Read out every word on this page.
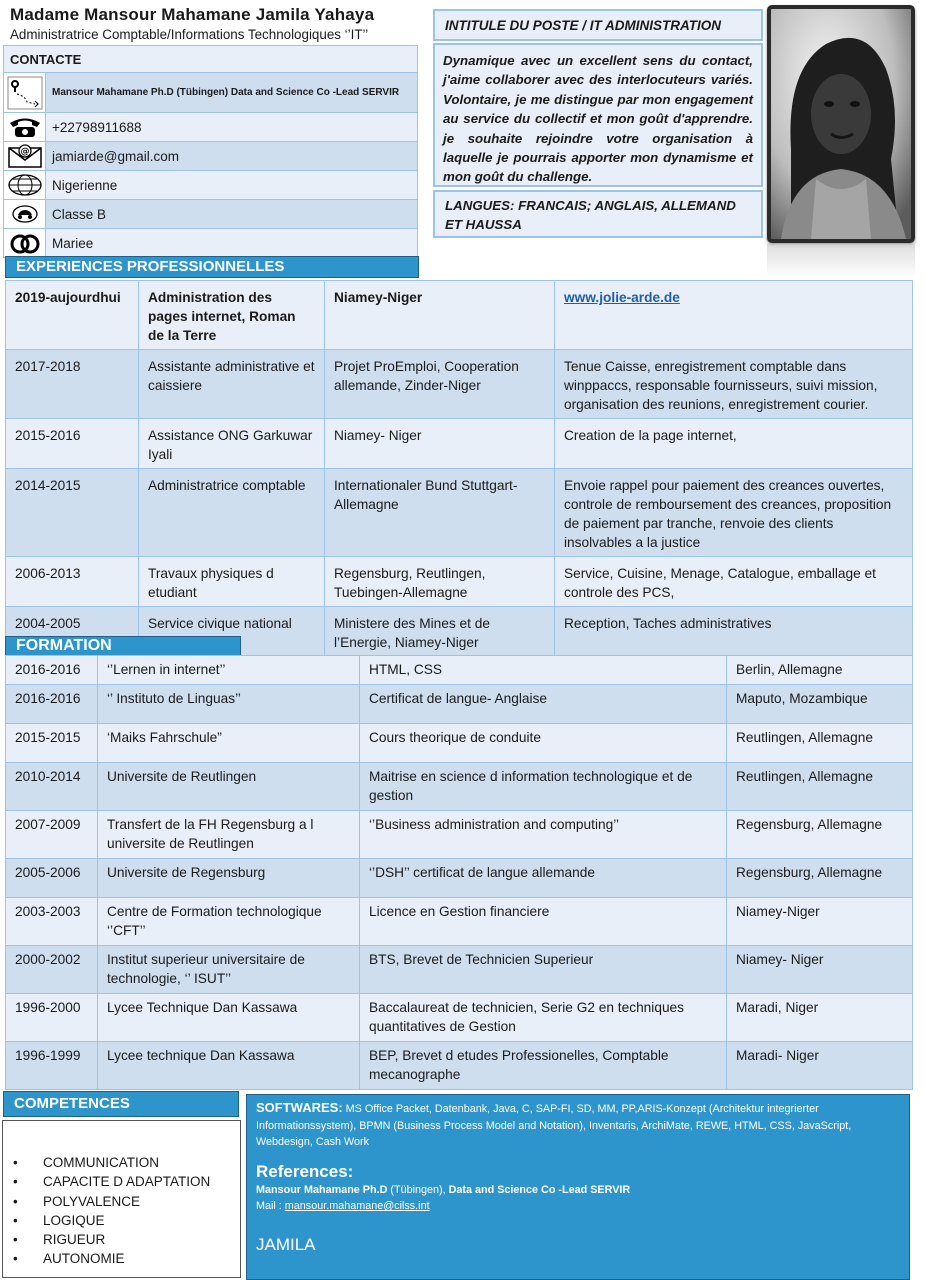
Madame Mansour Mahamane Jamila Yahaya
Administratrice Comptable/Informations Technologiques ‘’IT’’
CONTACTE	

	Mansour Mahamane Ph.D (Tübingen) Data and Science Co -Lead SERVIR

	+22798911688

@	jamiarde@gmail.com

	Nigerienne

	Classe B

	Mariee
INTITULE DU POSTE / IT ADMINISTRATION
Dynamique avec un excellent sens du contact, j'aime collaborer avec des interlocuteurs variés. Volontaire, je me distingue par mon engagement au service du collectif et mon goût d'apprendre. je souhaite rejoindre votre organisation à laquelle je pourrais apporter mon dynamisme et mon goût du challenge.
LANGUES: FRANCAIS; ANGLAIS, ALLEMAND ET HAUSSA
EXPERIENCES PROFESSIONNELLES
2019-aujourdhui	Administration des pages internet, Roman de la Terre	Niamey-Niger	www.jolie-arde.de
2017-2018	Assistante administrative et caissiere	Projet ProEmploi, Cooperation allemande, Zinder-Niger	Tenue Caisse, enregistrement comptable dans winppaccs, responsable fournisseurs, suivi mission, organisation des reunions, enregistrement courier.
2015-2016	Assistance ONG Garkuwar Iyali	Niamey- Niger	Creation de la page internet,
2014-2015	Administratrice comptable	Internationaler Bund Stuttgart- Allemagne	Envoie rappel pour paiement des creances ouvertes, controle de remboursement des creances, proposition de paiement par tranche, renvoie des clients insolvables a la justice
2006-2013	Travaux physiques d etudiant	Regensburg, Reutlingen, Tuebingen-Allemagne	Service, Cuisine, Menage, Catalogue, emballage et controle des PCS,
2004-2005	Service civique national	Ministere des Mines et de l’Energie, Niamey-Niger	Reception, Taches administratives
FORMATION
2016-2016	‘’Lernen in internet’’	HTML, CSS	Berlin, Allemagne
2016-2016	‘’ Instituto de Linguas’’	Certificat de langue- Anglaise	Maputo, Mozambique
2015-2015	‘Maiks Fahrschule”	Cours theorique de conduite	Reutlingen, Allemagne
2010-2014	Universite de Reutlingen	Maitrise en science d information technologique et de gestion	Reutlingen, Allemagne
2007-2009	Transfert de la FH Regensburg a l universite de Reutlingen	‘’Business administration and computing’’	Regensburg, Allemagne
2005-2006	Universite de Regensburg	‘’DSH’’ certificat de langue allemande	Regensburg, Allemagne
2003-2003	Centre de Formation technologique ‘’CFT’’	Licence en Gestion financiere	Niamey-Niger
2000-2002	Institut superieur universitaire de technologie, ‘’ ISUT’’	BTS, Brevet de Technicien Superieur	Niamey- Niger
1996-2000	Lycee Technique Dan Kassawa	Baccalaureat de technicien, Serie G2 en techniques quantitatives de Gestion	Maradi, Niger
1996-1999	Lycee technique Dan Kassawa	BEP, Brevet d etudes Professionelles, Comptable mecanographe	Maradi- Niger
COMPETENCES
• COMMUNICATION
• CAPACITE D ADAPTATION
• POLYVALENCE
• LOGIQUE
• RIGUEUR
• AUTONOMIE
SOFTWARES: MS Office Packet, Datenbank, Java, C, SAP-FI, SD, MM, PP,ARIS-Konzept (Architektur integrierter Informationssystem), BPMN (Business Process Model and Notation), Inventaris, ArchiMate, REWE, HTML, CSS, JavaScript, Webdesign, Cash Work
References:
Mansour Mahamane Ph.D (Tübingen), Data and Science Co -Lead SERVIR
Mail : mansour.mahamane@cilss.int
JAMILA
